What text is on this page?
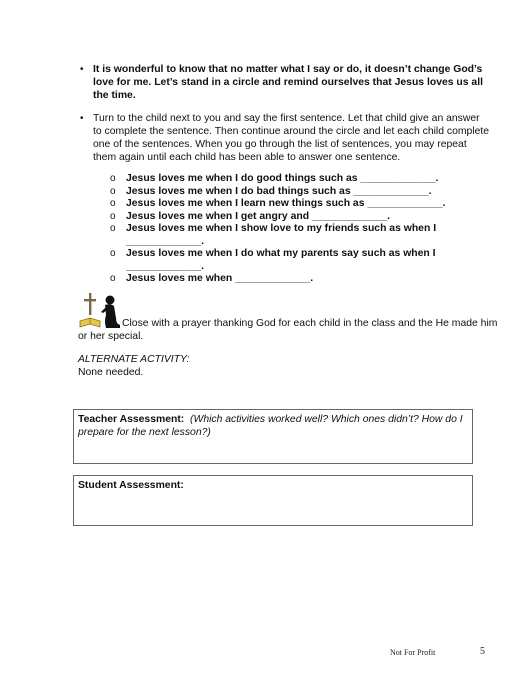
• It is wonderful to know that no matter what I say or do, it doesn’t change God’s love for me. Let’s stand in a circle and remind ourselves that Jesus loves us all the time.
• Turn to the child next to you and say the first sentence. Let that child give an answer to complete the sentence. Then continue around the circle and let each child complete one of the sentences. When you go through the list of sentences, you may repeat them again until each child has been able to answer one sentence.
o Jesus loves me when I do good things such as _____________.
o Jesus loves me when I do bad things such as _____________.
o Jesus loves me when I learn new things such as _____________.
o Jesus loves me when I get angry and _____________.
o Jesus loves me when I show love to my friends such as when I _____________.
o Jesus loves me when I do what my parents say such as when I _____________.
o Jesus loves me when _____________.
Close with a prayer thanking God for each child in the class and the He made him or her special.
ALTERNATE ACTIVITY:
None needed.
Teacher Assessment: (Which activities worked well? Which ones didn’t? How do I prepare for the next lesson?)
Student Assessment:
Not For Profit	5
